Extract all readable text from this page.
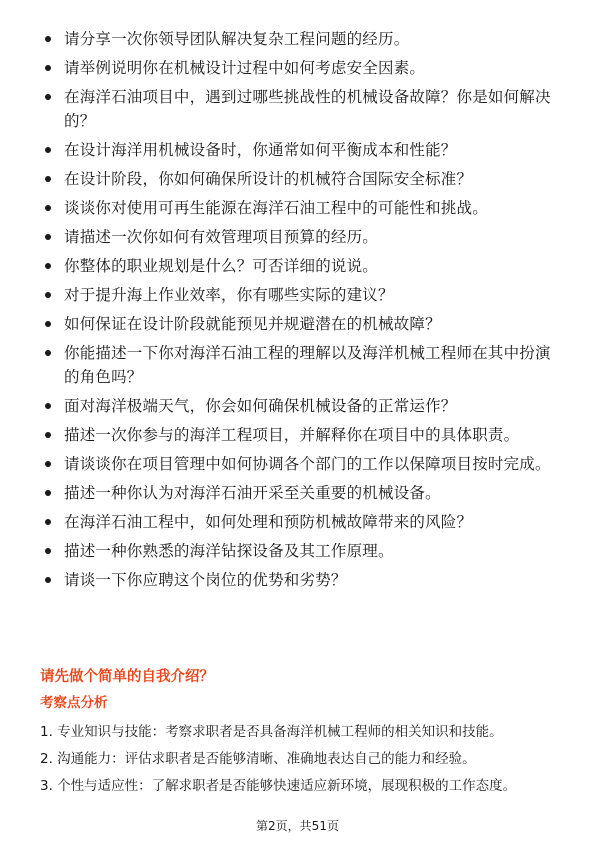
请分享一次你领导团队解决复杂工程问题的经历。
请举例说明你在机械设计过程中如何考虑安全因素。
在海洋石油项目中，遇到过哪些挑战性的机械设备故障？你是如何解决的？
在设计海洋用机械设备时，你通常如何平衡成本和性能？
在设计阶段，你如何确保所设计的机械符合国际安全标准？
谈谈你对使用可再生能源在海洋石油工程中的可能性和挑战。
请描述一次你如何有效管理项目预算的经历。
你整体的职业规划是什么？可否详细的说说。
对于提升海上作业效率，你有哪些实际的建议？
如何保证在设计阶段就能预见并规避潜在的机械故障？
你能描述一下你对海洋石油工程的理解以及海洋机械工程师在其中扮演的角色吗？
面对海洋极端天气，你会如何确保机械设备的正常运作？
描述一次你参与的海洋工程项目，并解释你在项目中的具体职责。
请谈谈你在项目管理中如何协调各个部门的工作以保障项目按时完成。
描述一种你认为对海洋石油开采至关重要的机械设备。
在海洋石油工程中，如何处理和预防机械故障带来的风险？
描述一种你熟悉的海洋钻探设备及其工作原理。
请谈一下你应聘这个岗位的优势和劣势？
请先做个简单的自我介绍？
考察点分析
1. 专业知识与技能：考察求职者是否具备海洋机械工程师的相关知识和技能。
2. 沟通能力：评估求职者是否能够清晰、准确地表达自己的能力和经验。
3. 个性与适应性：了解求职者是否能够快速适应新环境，展现积极的工作态度。
第2页，共51页
